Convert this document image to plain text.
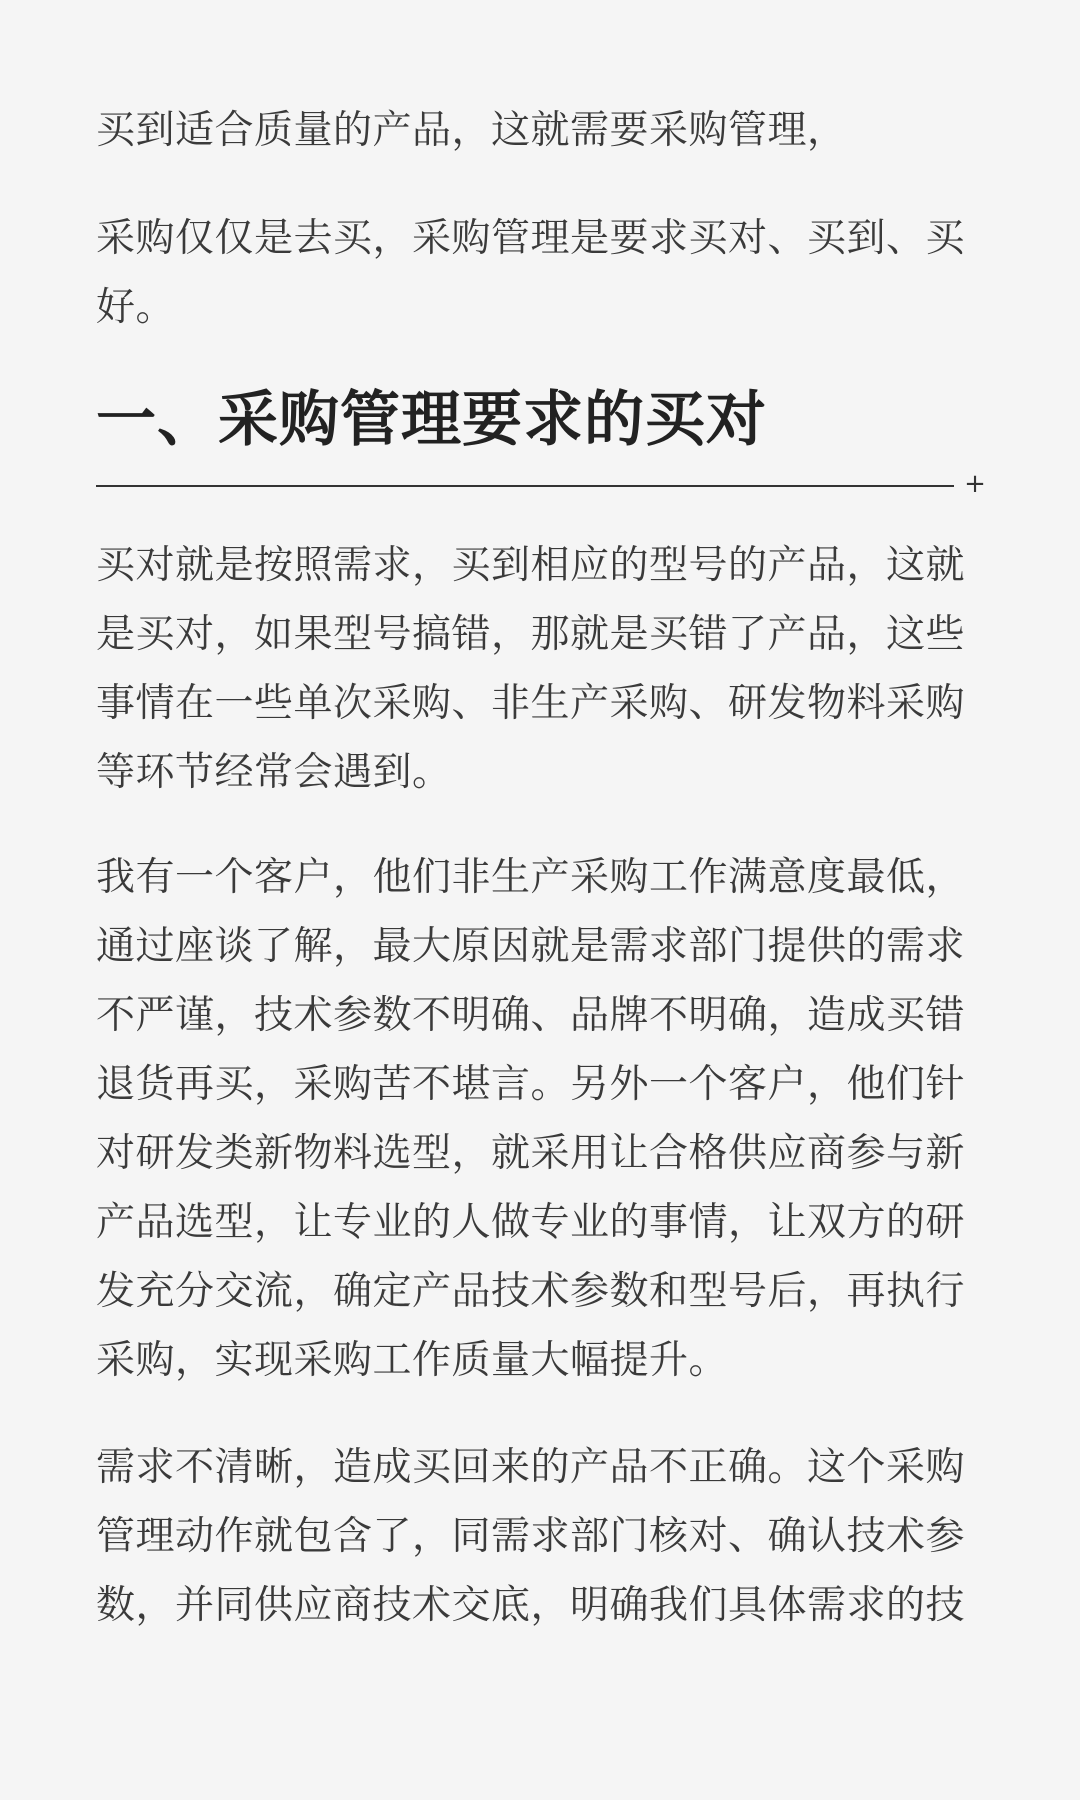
买到适合质量的产品，这就需要采购管理，

采购仅仅是去买，采购管理是要求买对、买到、买好。

一、采购管理要求的买对
+

买对就是按照需求，买到相应的型号的产品，这就是买对，如果型号搞错，那就是买错了产品，这些事情在一些单次采购、非生产采购、研发物料采购等环节经常会遇到。

我有一个客户，他们非生产采购工作满意度最低，通过座谈了解，最大原因就是需求部门提供的需求不严谨，技术参数不明确、品牌不明确，造成买错退货再买，采购苦不堪言。另外一个客户，他们针对研发类新物料选型，就采用让合格供应商参与新产品选型，让专业的人做专业的事情，让双方的研发充分交流，确定产品技术参数和型号后，再执行采购，实现采购工作质量大幅提升。

需求不清晰，造成买回来的产品不正确。这个采购管理动作就包含了，同需求部门核对、确认技术参数，并同供应商技术交底，明确我们具体需求的技
